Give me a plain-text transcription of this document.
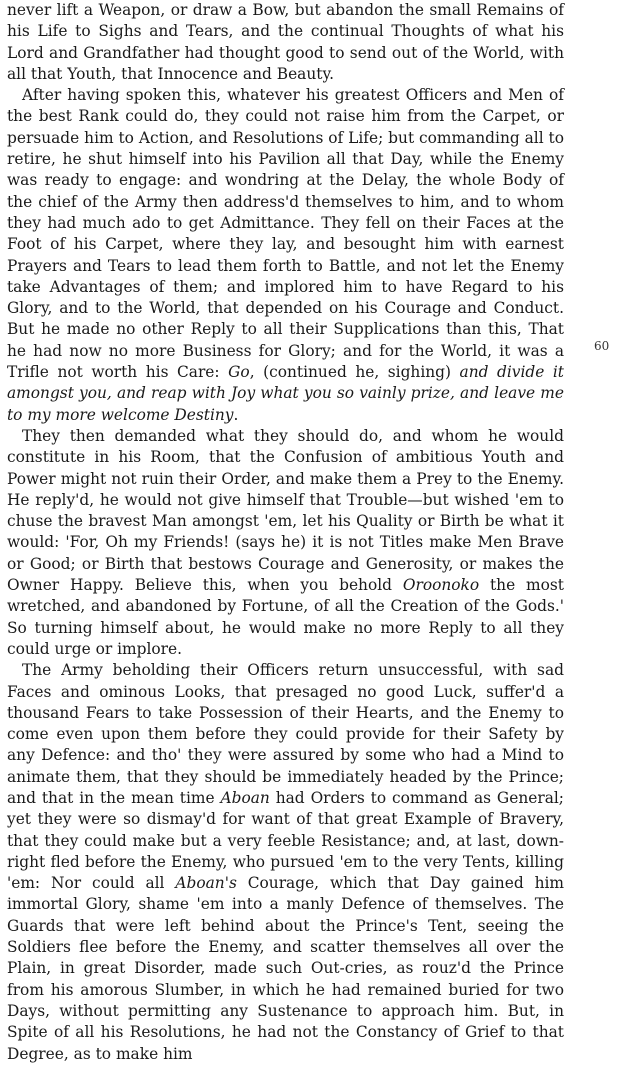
never lift a Weapon, or draw a Bow, but abandon the small Remains of his Life to Sighs and Tears, and the continual Thoughts of what his Lord and Grandfather had thought good to send out of the World, with all that Youth, that Innocence and Beauty.

After having spoken this, whatever his greatest Officers and Men of the best Rank could do, they could not raise him from the Carpet, or persuade him to Action, and Resolutions of Life; but commanding all to retire, he shut himself into his Pavilion all that Day, while the Enemy was ready to engage: and wondring at the Delay, the whole Body of the chief of the Army then address'd themselves to him, and to whom they had much ado to get Admittance. They fell on their Faces at the Foot of his Carpet, where they lay, and besought him with earnest Prayers and Tears to lead them forth to Battle, and not let the Enemy take Advantages of them; and implored him to have Regard to his Glory, and to the World, that depended on his Courage and Conduct. But he made no other Reply to all their Supplications than this, That he had now no more Business for Glory; and for the World, it was a Trifle not worth his Care: Go, (continued he, sighing) and divide it amongst you, and reap with Joy what you so vainly prize, and leave me to my more welcome Destiny.

They then demanded what they should do, and whom he would constitute in his Room, that the Confusion of ambitious Youth and Power might not ruin their Order, and make them a Prey to the Enemy. He reply'd, he would not give himself that Trouble—but wished 'em to chuse the bravest Man amongst 'em, let his Quality or Birth be what it would: 'For, Oh my Friends! (says he) it is not Titles make Men Brave or Good; or Birth that bestows Courage and Generosity, or makes the Owner Happy. Believe this, when you behold Oroonoko the most wretched, and abandoned by Fortune, of all the Creation of the Gods.' So turning himself about, he would make no more Reply to all they could urge or implore.

The Army beholding their Officers return unsuccessful, with sad Faces and ominous Looks, that presaged no good Luck, suffer'd a thousand Fears to take Possession of their Hearts, and the Enemy to come even upon them before they could provide for their Safety by any Defence: and tho' they were assured by some who had a Mind to animate them, that they should be immediately headed by the Prince; and that in the mean time Aboan had Orders to command as General; yet they were so dismay'd for want of that great Example of Bravery, that they could make but a very feeble Resistance; and, at last, down-right fled before the Enemy, who pursued 'em to the very Tents, killing 'em: Nor could all Aboan's Courage, which that Day gained him immortal Glory, shame 'em into a manly Defence of themselves. The Guards that were left behind about the Prince's Tent, seeing the Soldiers flee before the Enemy, and scatter themselves all over the Plain, in great Disorder, made such Out-cries, as rouz'd the Prince from his amorous Slumber, in which he had remained buried for two Days, without permitting any Sustenance to approach him. But, in Spite of all his Resolutions, he had not the Constancy of Grief to that Degree, as to make him

60
